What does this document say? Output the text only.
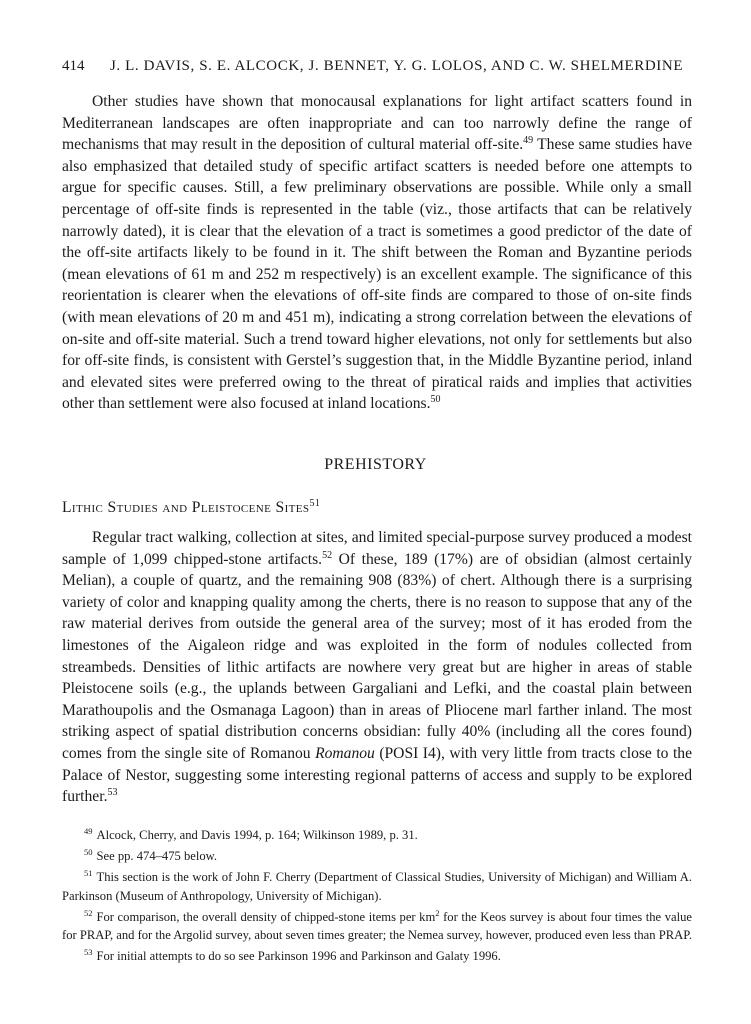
414 J. L. DAVIS, S. E. ALCOCK, J. BENNET, Y. G. LOLOS, AND C. W. SHELMERDINE

Other studies have shown that monocausal explanations for light artifact scatters found in Mediterranean landscapes are often inappropriate and can too narrowly define the range of mechanisms that may result in the deposition of cultural material off-site.$^{49}$ These same studies have also emphasized that detailed study of specific artifact scatters is needed before one attempts to argue for specific causes. Still, a few preliminary observations are possible. While only a small percentage of off-site finds is represented in the table (viz., those artifacts that can be relatively narrowly dated), it is clear that the elevation of a tract is sometimes a good predictor of the date of the off-site artifacts likely to be found in it. The shift between the Roman and Byzantine periods (mean elevations of 61 m and 252 m respectively) is an excellent example. The significance of this reorientation is clearer when the elevations of off-site finds are compared to those of on-site finds (with mean elevations of 20 m and 451 m), indicating a strong correlation between the elevations of on-site and off-site material. Such a trend toward higher elevations, not only for settlements but also for off-site finds, is consistent with Gerstel’s suggestion that, in the Middle Byzantine period, inland and elevated sites were preferred owing to the threat of piratical raids and implies that activities other than settlement were also focused at inland locations.$^{50}$

PREHISTORY
Lithic Studies and Pleistocene Sites$^{51}$

Regular tract walking, collection at sites, and limited special-purpose survey produced a modest sample of 1,099 chipped-stone artifacts.$^{52}$ Of these, 189 (17%) are of obsidian (almost certainly Melian), a couple of quartz, and the remaining 908 (83%) of chert. Although there is a surprising variety of color and knapping quality among the cherts, there is no reason to suppose that any of the raw material derives from outside the general area of the survey; most of it has eroded from the limestones of the Aigaleon ridge and was exploited in the form of nodules collected from streambeds. Densities of lithic artifacts are nowhere very great but are higher in areas of stable Pleistocene soils (e.g., the uplands between Gargaliani and Lefki, and the coastal plain between Marathoupolis and the Osmanaga Lagoon) than in areas of Pliocene marl farther inland. The most striking aspect of spatial distribution concerns obsidian: fully 40% (including all the cores found) comes from the single site of Romanou Romanou (POSI I4), with very little from tracts close to the Palace of Nestor, suggesting some interesting regional patterns of access and supply to be explored further.$^{53}$

$^{49}$ Alcock, Cherry, and Davis 1994, p. 164; Wilkinson 1989, p. 31.

$^{50}$ See pp. 474–475 below.

$^{51}$ This section is the work of John F. Cherry (Department of Classical Studies, University of Michigan) and William A. Parkinson (Museum of Anthropology, University of Michigan).

$^{52}$ For comparison, the overall density of chipped-stone items per $km^2$ for the Keos survey is about four times the value for PRAP, and for the Argolid survey, about seven times greater; the Nemea survey, however, produced even less than PRAP.

$^{53}$ For initial attempts to do so see Parkinson 1996 and Parkinson and Galaty 1996.
